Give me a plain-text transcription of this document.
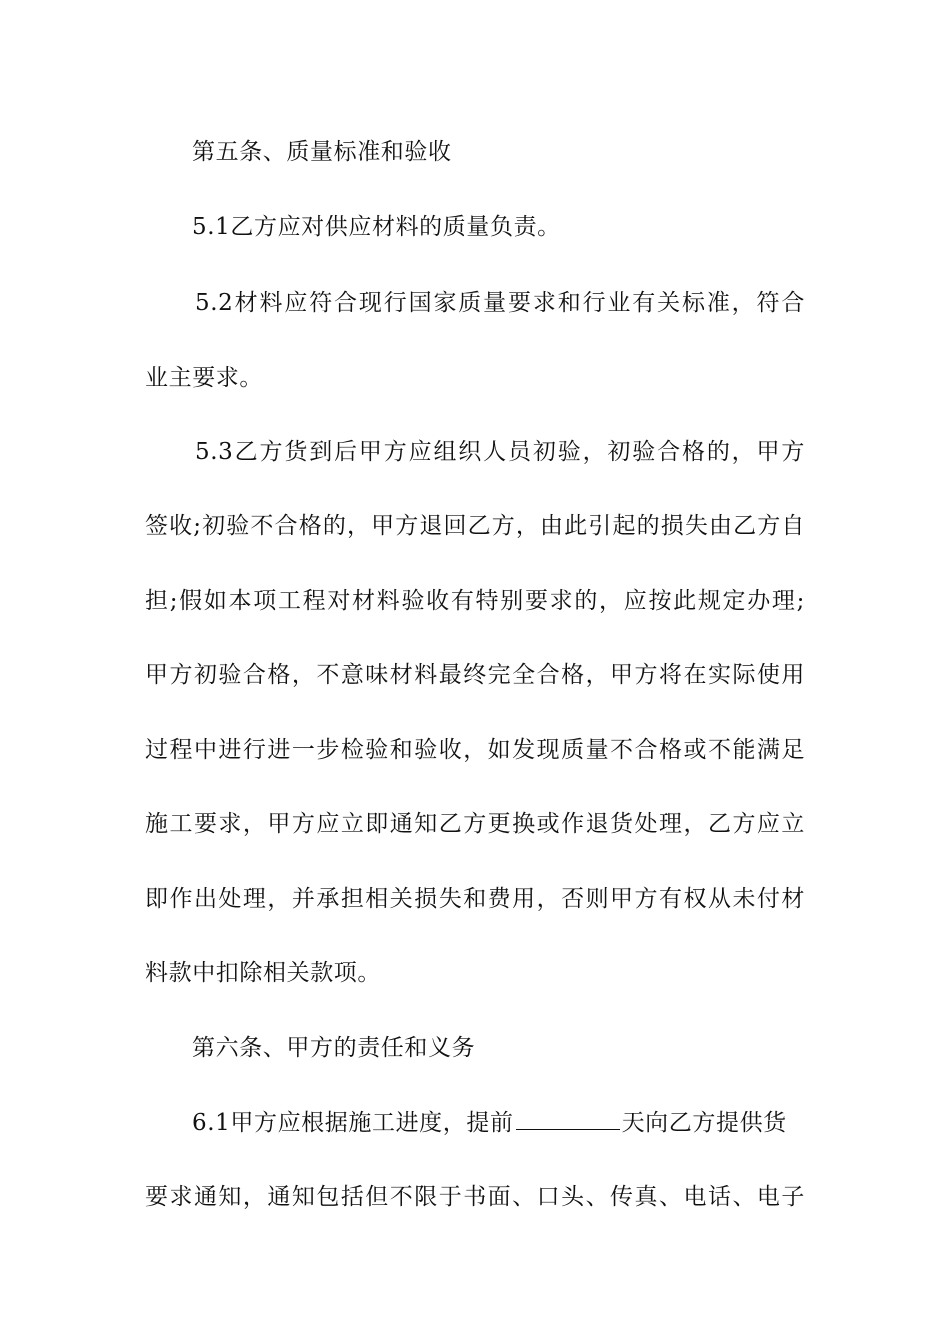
第五条、质量标准和验收
5.1乙方应对供应材料的质量负责。
5.2材料应符合现行国家质量要求和行业有关标准，符合
业主要求。
5.3乙方货到后甲方应组织人员初验，初验合格的，甲方
签收;初验不合格的，甲方退回乙方，由此引起的损失由乙方自
担;假如本项工程对材料验收有特别要求的，应按此规定办理;
甲方初验合格，不意味材料最终完全合格，甲方将在实际使用
过程中进行进一步检验和验收，如发现质量不合格或不能满足
施工要求，甲方应立即通知乙方更换或作退货处理，乙方应立
即作出处理，并承担相关损失和费用，否则甲方有权从未付材
料款中扣除相关款项。
第六条、甲方的责任和义务
6.1甲方应根据施工进度，提前	天向乙方提供货
要求通知，通知包括但不限于书面、口头、传真、电话、电子
